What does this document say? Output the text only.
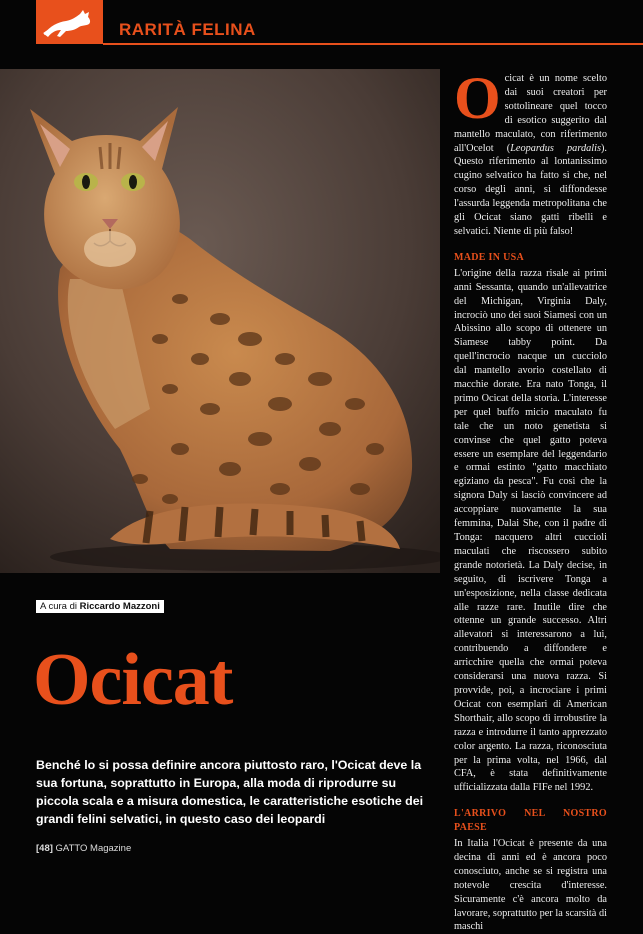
RARITÀ FELINA
A cura di Riccardo Mazzoni
Ocicat
Benché lo si possa definire ancora piuttosto raro, l'Ocicat deve la sua fortuna, soprattutto in Europa, alla moda di riprodurre su piccola scala e a misura domestica, le caratteristiche esotiche dei grandi felini selvatici, in questo caso dei leopardi
[48] GATTO Magazine
O cicat è un nome scelto dai suoi creatori per sottolineare quel tocco di esotico suggerito dal mantello maculato, con riferimento all'Ocelot (Leopardus pardalis). Questo riferimento al lontanissimo cugino selvatico ha fatto sì che, nel corso degli anni, si diffondesse l'assurda leggenda metropolitana che gli Ocicat siano gatti ribelli e selvatici. Niente di più falso!

MADE IN USA

L'origine della razza risale ai primi anni Sessanta, quando un'allevatrice del Michigan, Virginia Daly, incrociò uno dei suoi Siamesi con un Abissino allo scopo di ottenere un Siamese tabby point. Da quell'incrocio nacque un cucciolo dal mantello avorio costellato di macchie dorate. Era nato Tonga, il primo Ocicat della storia. L'interesse per quel buffo micio maculato fu tale che un noto genetista si convinse che quel gatto poteva essere un esemplare del leggendario e ormai estinto "gatto macchiato egiziano da pesca". Fu così che la signora Daly si lasciò convincere ad accoppiare nuovamente la sua femmina, Dalai She, con il padre di Tonga: nacquero altri cuccioli maculati che riscossero subito grande notorietà. La Daly decise, in seguito, di iscrivere Tonga a un'esposizione, nella classe dedicata alle razze rare. Inutile dire che ottenne un grande successo. Altri allevatori si interessarono a lui, contribuendo a diffondere e arricchire quella che ormai poteva considerarsi una nuova razza. Si provvide, poi, a incrociare i primi Ocicat con esemplari di American Shorthair, allo scopo di irrobustire la razza e introdurre il tanto apprezzato color argento. La razza, riconosciuta per la prima volta, nel 1966, dal CFA, è stata definitivamente ufficializzata dalla FIFe nel 1992.

L'ARRIVO NEL NOSTRO PAESE

In Italia l'Ocicat è presente da una decina di anni ed è ancora poco conosciuto, anche se si registra una notevole crescita d'interesse. Sicuramente c'è ancora molto da lavorare, soprattutto per la scarsità di maschi
